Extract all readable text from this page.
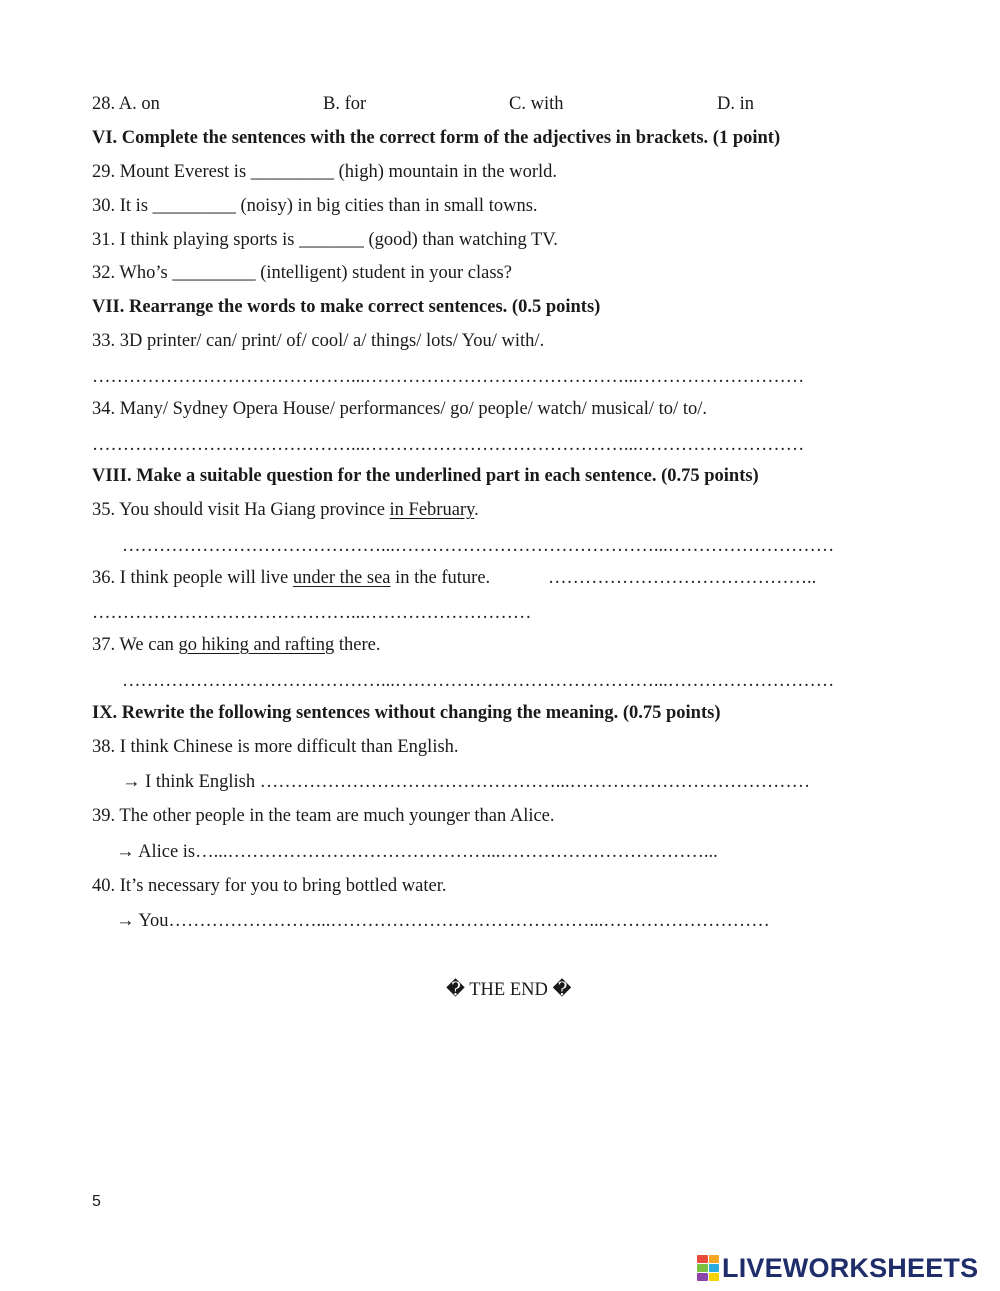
28. A. on	B. for	C. with	D. in
VI. Complete the sentences with the correct form of the adjectives in brackets. (1 point)
29. Mount Everest is _________ (high) mountain in the world.
30. It is _________ (noisy) in big cities than in small towns.
31. I think playing sports is _______ (good) than watching TV.
32. Who’s _________ (intelligent) student in your class?
VII. Rearrange the words to make correct sentences. (0.5 points)
33. 3D printer/ can/ print/ of/ cool/ a/ things/ lots/ You/ with/.
……………………………………...……………………………………...………………………
34. Many/ Sydney Opera House/ performances/ go/ people/ watch/ musical/ to/ to/.
……………………………………...……………………………………...………………………
VIII. Make a suitable question for the underlined part in each sentence. (0.75 points)
35. You should visit Ha Giang province in February.
……………………………………...……………………………………...………………………
36. I think people will live under the sea in the future.	……………………………………..
……………………………………...………………………
37. We can go hiking and rafting there.
……………………………………...……………………………………...………………………
IX. Rewrite the following sentences without changing the meaning. (0.75 points)
38. I think Chinese is more difficult than English.
→ I think English …………………………………………...…………………………………
39. The other people in the team are much younger than Alice.
→ Alice is…...……………………………………...……………………………...
40. It’s necessary for you to bring bottled water.
→ You……………………...……………………………………...………………………
� THE END �
5
LIVEWORKSHEETS
